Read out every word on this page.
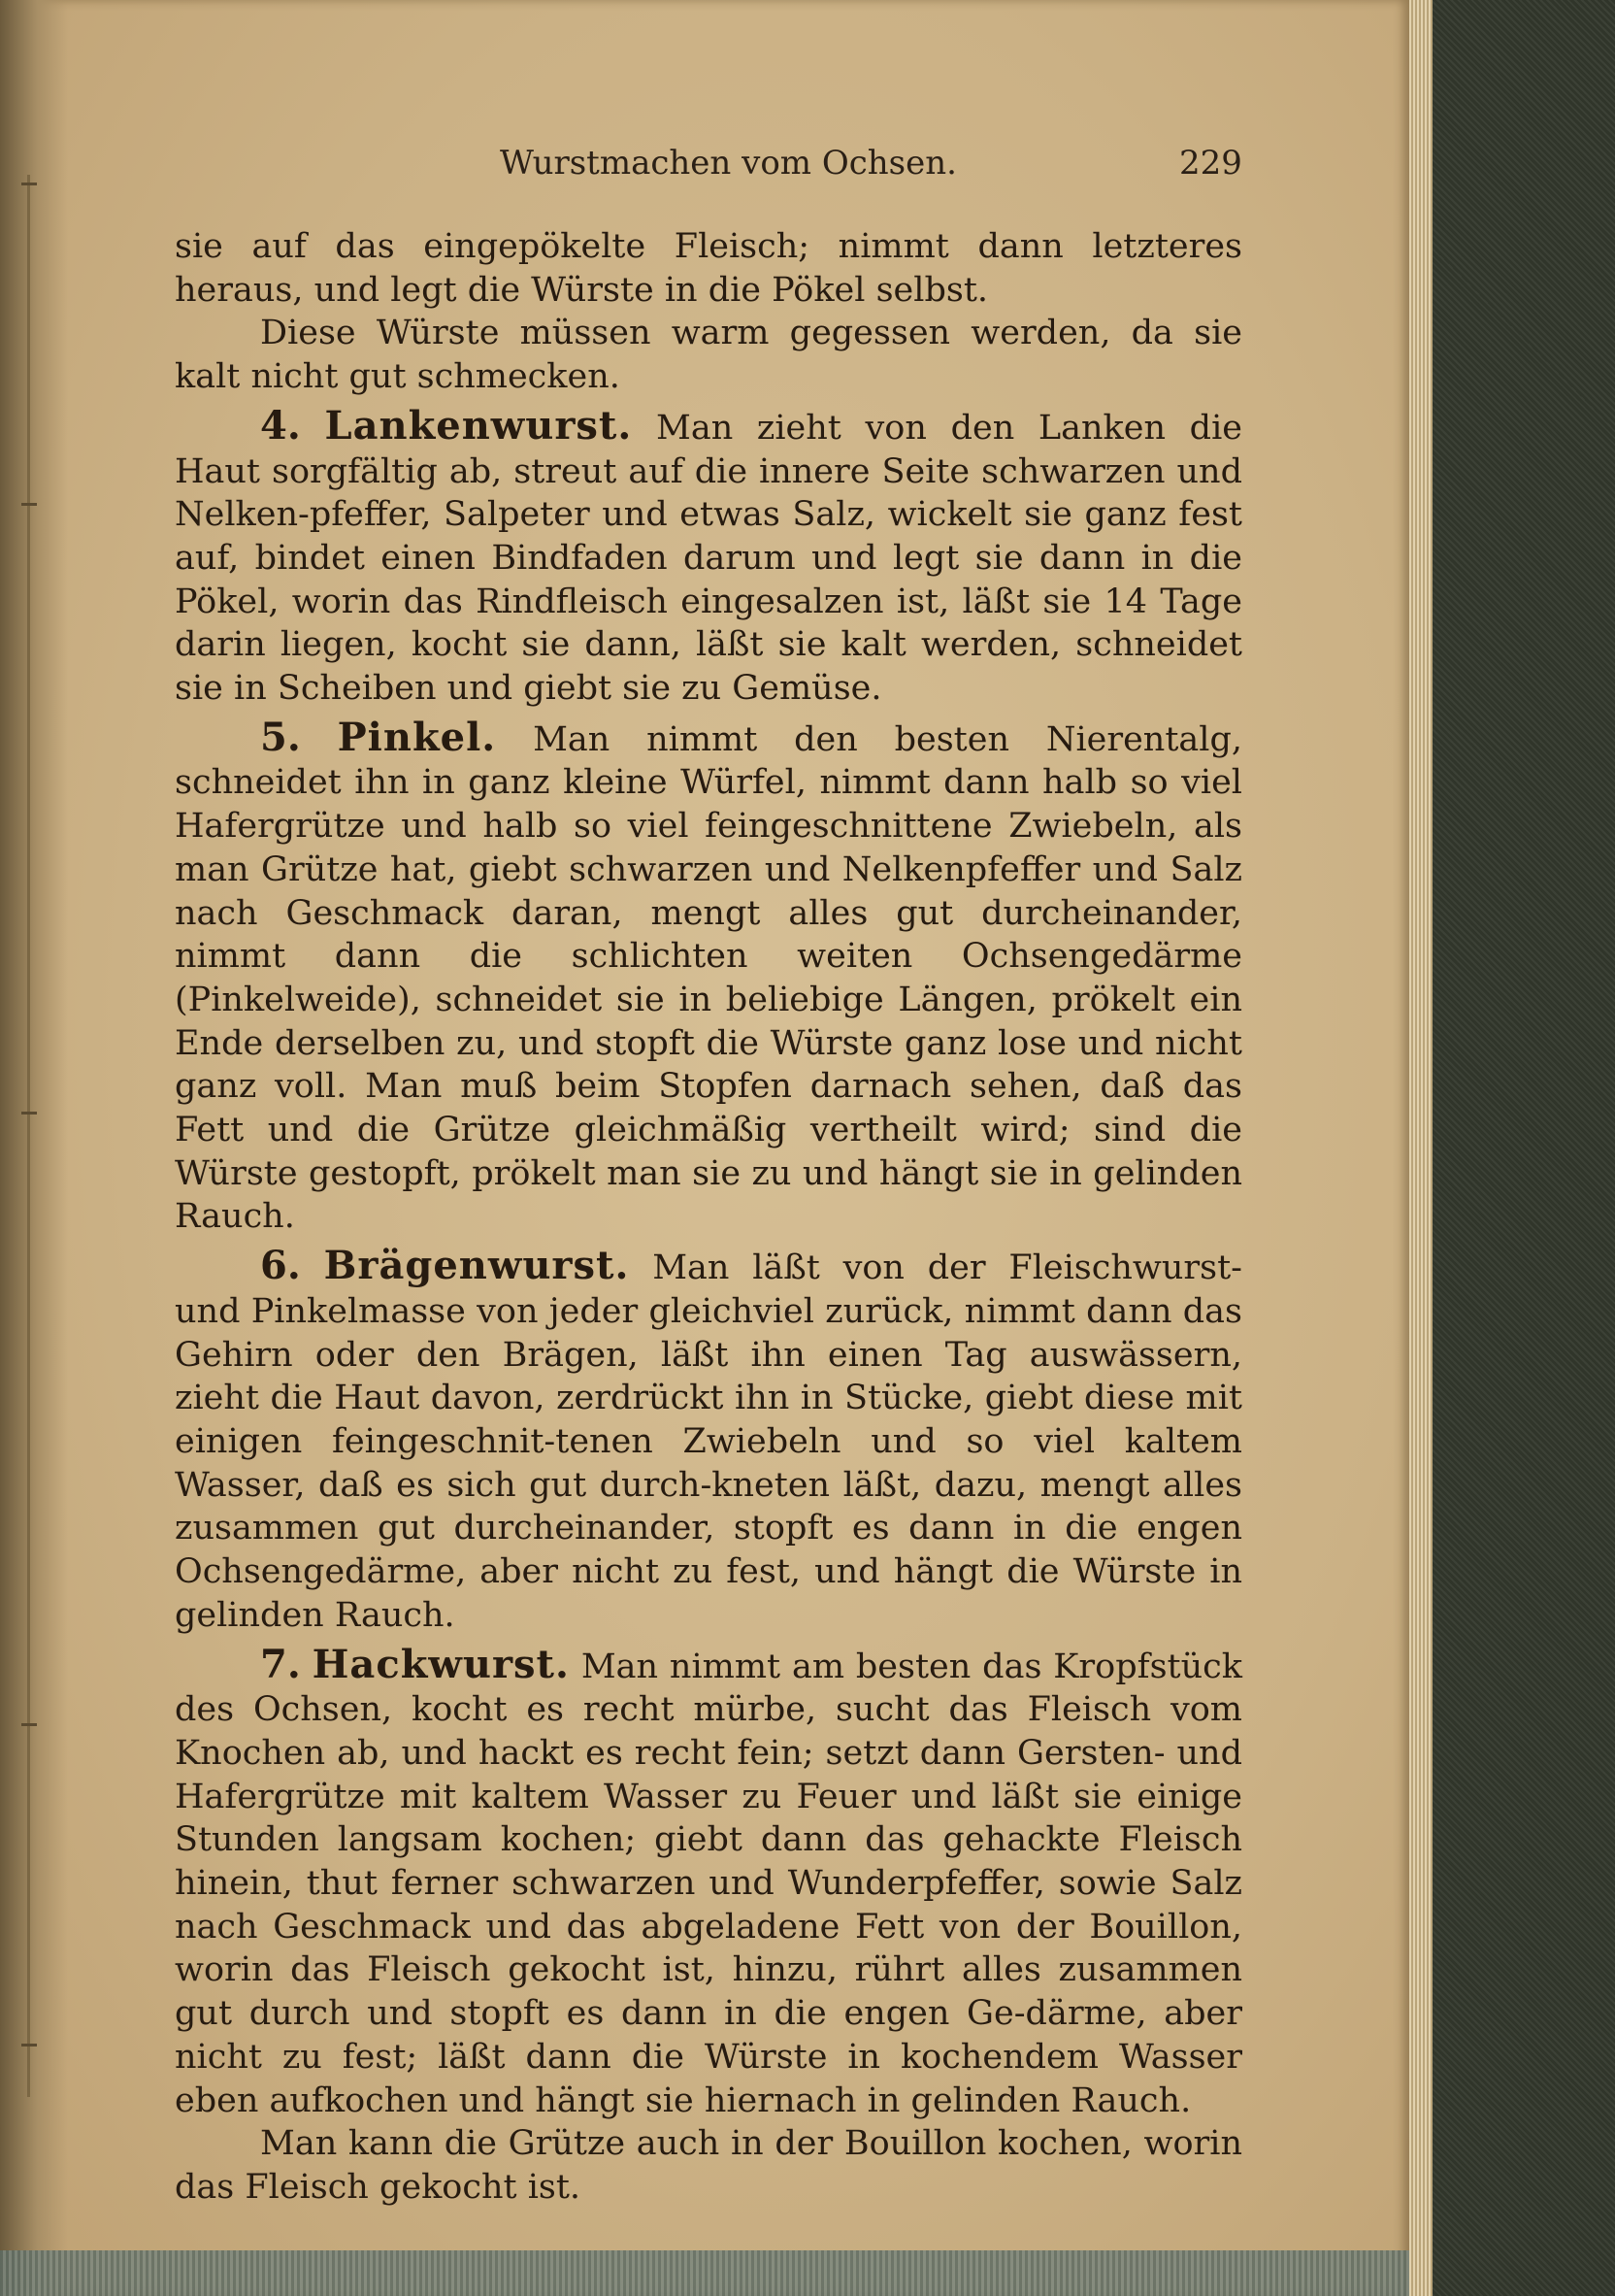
Wurstmachen vom Ochsen.	229

sie auf das eingepökelte Fleisch; nimmt dann letzteres heraus, und legt die Würste in die Pökel selbst.

Diese Würste müssen warm gegessen werden, da sie kalt nicht gut schmecken.

4. Lankenwurst. Man zieht von den Lanken die Haut sorgfältig ab, streut auf die innere Seite schwarzen und Nelken-pfeffer, Salpeter und etwas Salz, wickelt sie ganz fest auf, bindet einen Bindfaden darum und legt sie dann in die Pökel, worin das Rindfleisch eingesalzen ist, läßt sie 14 Tage darin liegen, kocht sie dann, läßt sie kalt werden, schneidet sie in Scheiben und giebt sie zu Gemüse.

5. Pinkel. Man nimmt den besten Nierentalg, schneidet ihn in ganz kleine Würfel, nimmt dann halb so viel Hafergrütze und halb so viel feingeschnittene Zwiebeln, als man Grütze hat, giebt schwarzen und Nelkenpfeffer und Salz nach Geschmack daran, mengt alles gut durcheinander, nimmt dann die schlichten weiten Ochsengedärme (Pinkelweide), schneidet sie in beliebige Längen, prökelt ein Ende derselben zu, und stopft die Würste ganz lose und nicht ganz voll. Man muß beim Stopfen darnach sehen, daß das Fett und die Grütze gleichmäßig vertheilt wird; sind die Würste gestopft, prökelt man sie zu und hängt sie in gelinden Rauch.

6. Brägenwurst. Man läßt von der Fleischwurst- und Pinkelmasse von jeder gleichviel zurück, nimmt dann das Gehirn oder den Brägen, läßt ihn einen Tag auswässern, zieht die Haut davon, zerdrückt ihn in Stücke, giebt diese mit einigen feingeschnit-tenen Zwiebeln und so viel kaltem Wasser, daß es sich gut durch-kneten läßt, dazu, mengt alles zusammen gut durcheinander, stopft es dann in die engen Ochsengedärme, aber nicht zu fest, und hängt die Würste in gelinden Rauch.

7. Hackwurst. Man nimmt am besten das Kropfstück des Ochsen, kocht es recht mürbe, sucht das Fleisch vom Knochen ab, und hackt es recht fein; setzt dann Gersten- und Hafergrütze mit kaltem Wasser zu Feuer und läßt sie einige Stunden langsam kochen; giebt dann das gehackte Fleisch hinein, thut ferner schwarzen und Wunderpfeffer, sowie Salz nach Geschmack und das abgeladene Fett von der Bouillon, worin das Fleisch gekocht ist, hinzu, rührt alles zusammen gut durch und stopft es dann in die engen Ge-därme, aber nicht zu fest; läßt dann die Würste in kochendem Wasser eben aufkochen und hängt sie hiernach in gelinden Rauch.

Man kann die Grütze auch in der Bouillon kochen, worin das Fleisch gekocht ist.
